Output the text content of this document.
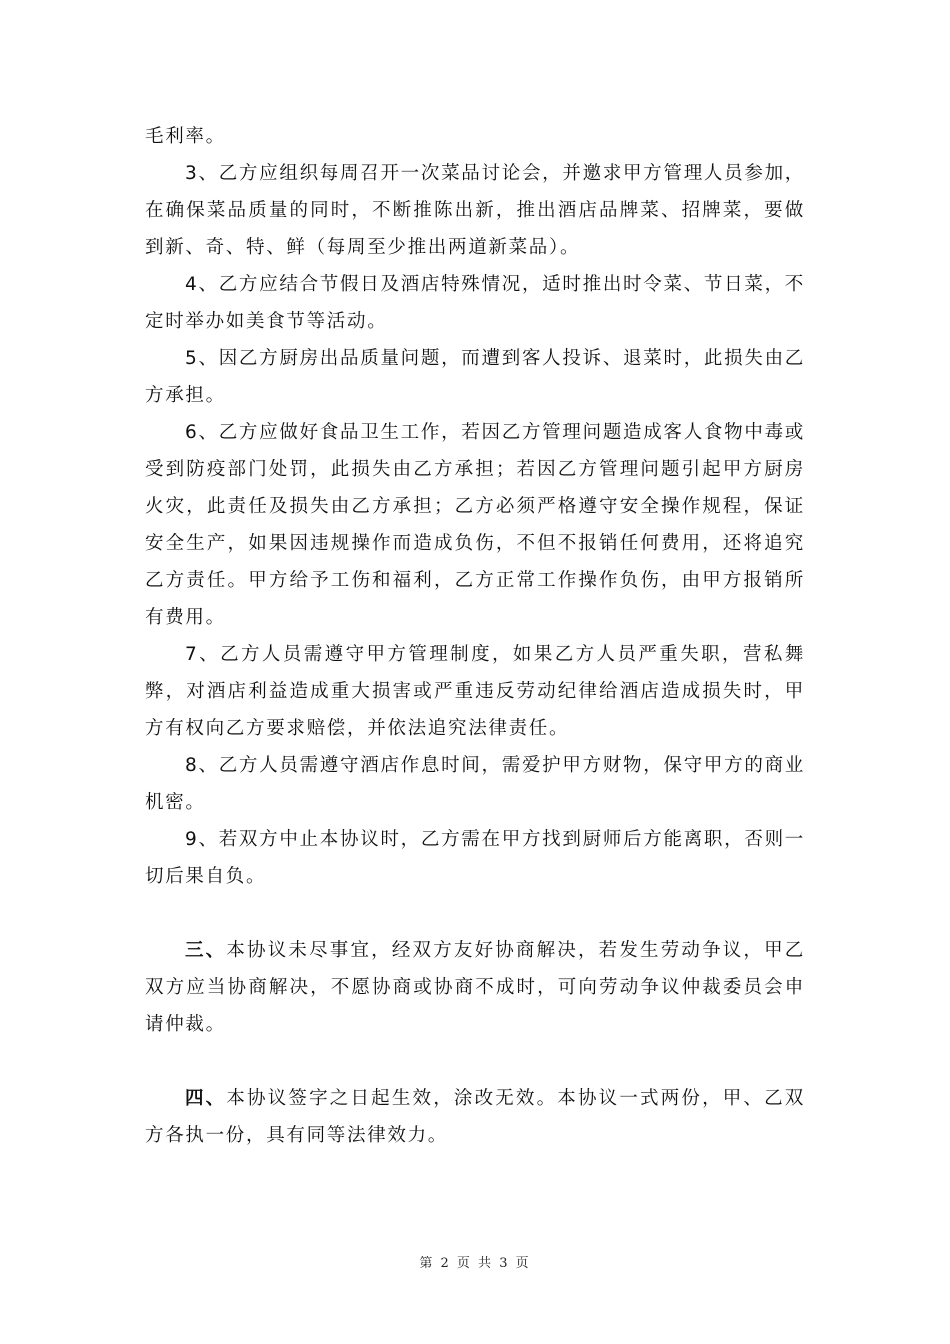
毛利率。

3、乙方应组织每周召开一次菜品讨论会，并邀求甲方管理人员参加，在确保菜品质量的同时，不断推陈出新，推出酒店品牌菜、招牌菜，要做到新、奇、特、鲜（每周至少推出两道新菜品）。

4、乙方应结合节假日及酒店特殊情况，适时推出时令菜、节日菜，不定时举办如美食节等活动。

5、因乙方厨房出品质量问题，而遭到客人投诉、退菜时，此损失由乙方承担。

6、乙方应做好食品卫生工作，若因乙方管理问题造成客人食物中毒或受到防疫部门处罚，此损失由乙方承担；若因乙方管理问题引起甲方厨房火灾，此责任及损失由乙方承担；乙方必须严格遵守安全操作规程，保证安全生产，如果因违规操作而造成负伤，不但不报销任何费用，还将追究乙方责任。甲方给予工伤和福利，乙方正常工作操作负伤，由甲方报销所有费用。

7、乙方人员需遵守甲方管理制度，如果乙方人员严重失职，营私舞弊，对酒店利益造成重大损害或严重违反劳动纪律给酒店造成损失时，甲方有权向乙方要求赔偿，并依法追究法律责任。

8、乙方人员需遵守酒店作息时间，需爱护甲方财物，保守甲方的商业机密。

9、若双方中止本协议时，乙方需在甲方找到厨师后方能离职，否则一切后果自负。

三、本协议未尽事宜，经双方友好协商解决，若发生劳动争议，甲乙双方应当协商解决，不愿协商或协商不成时，可向劳动争议仲裁委员会申请仲裁。

四、本协议签字之日起生效，涂改无效。本协议一式两份，甲、乙双方各执一份，具有同等法律效力。

第 2 页 共 3 页
